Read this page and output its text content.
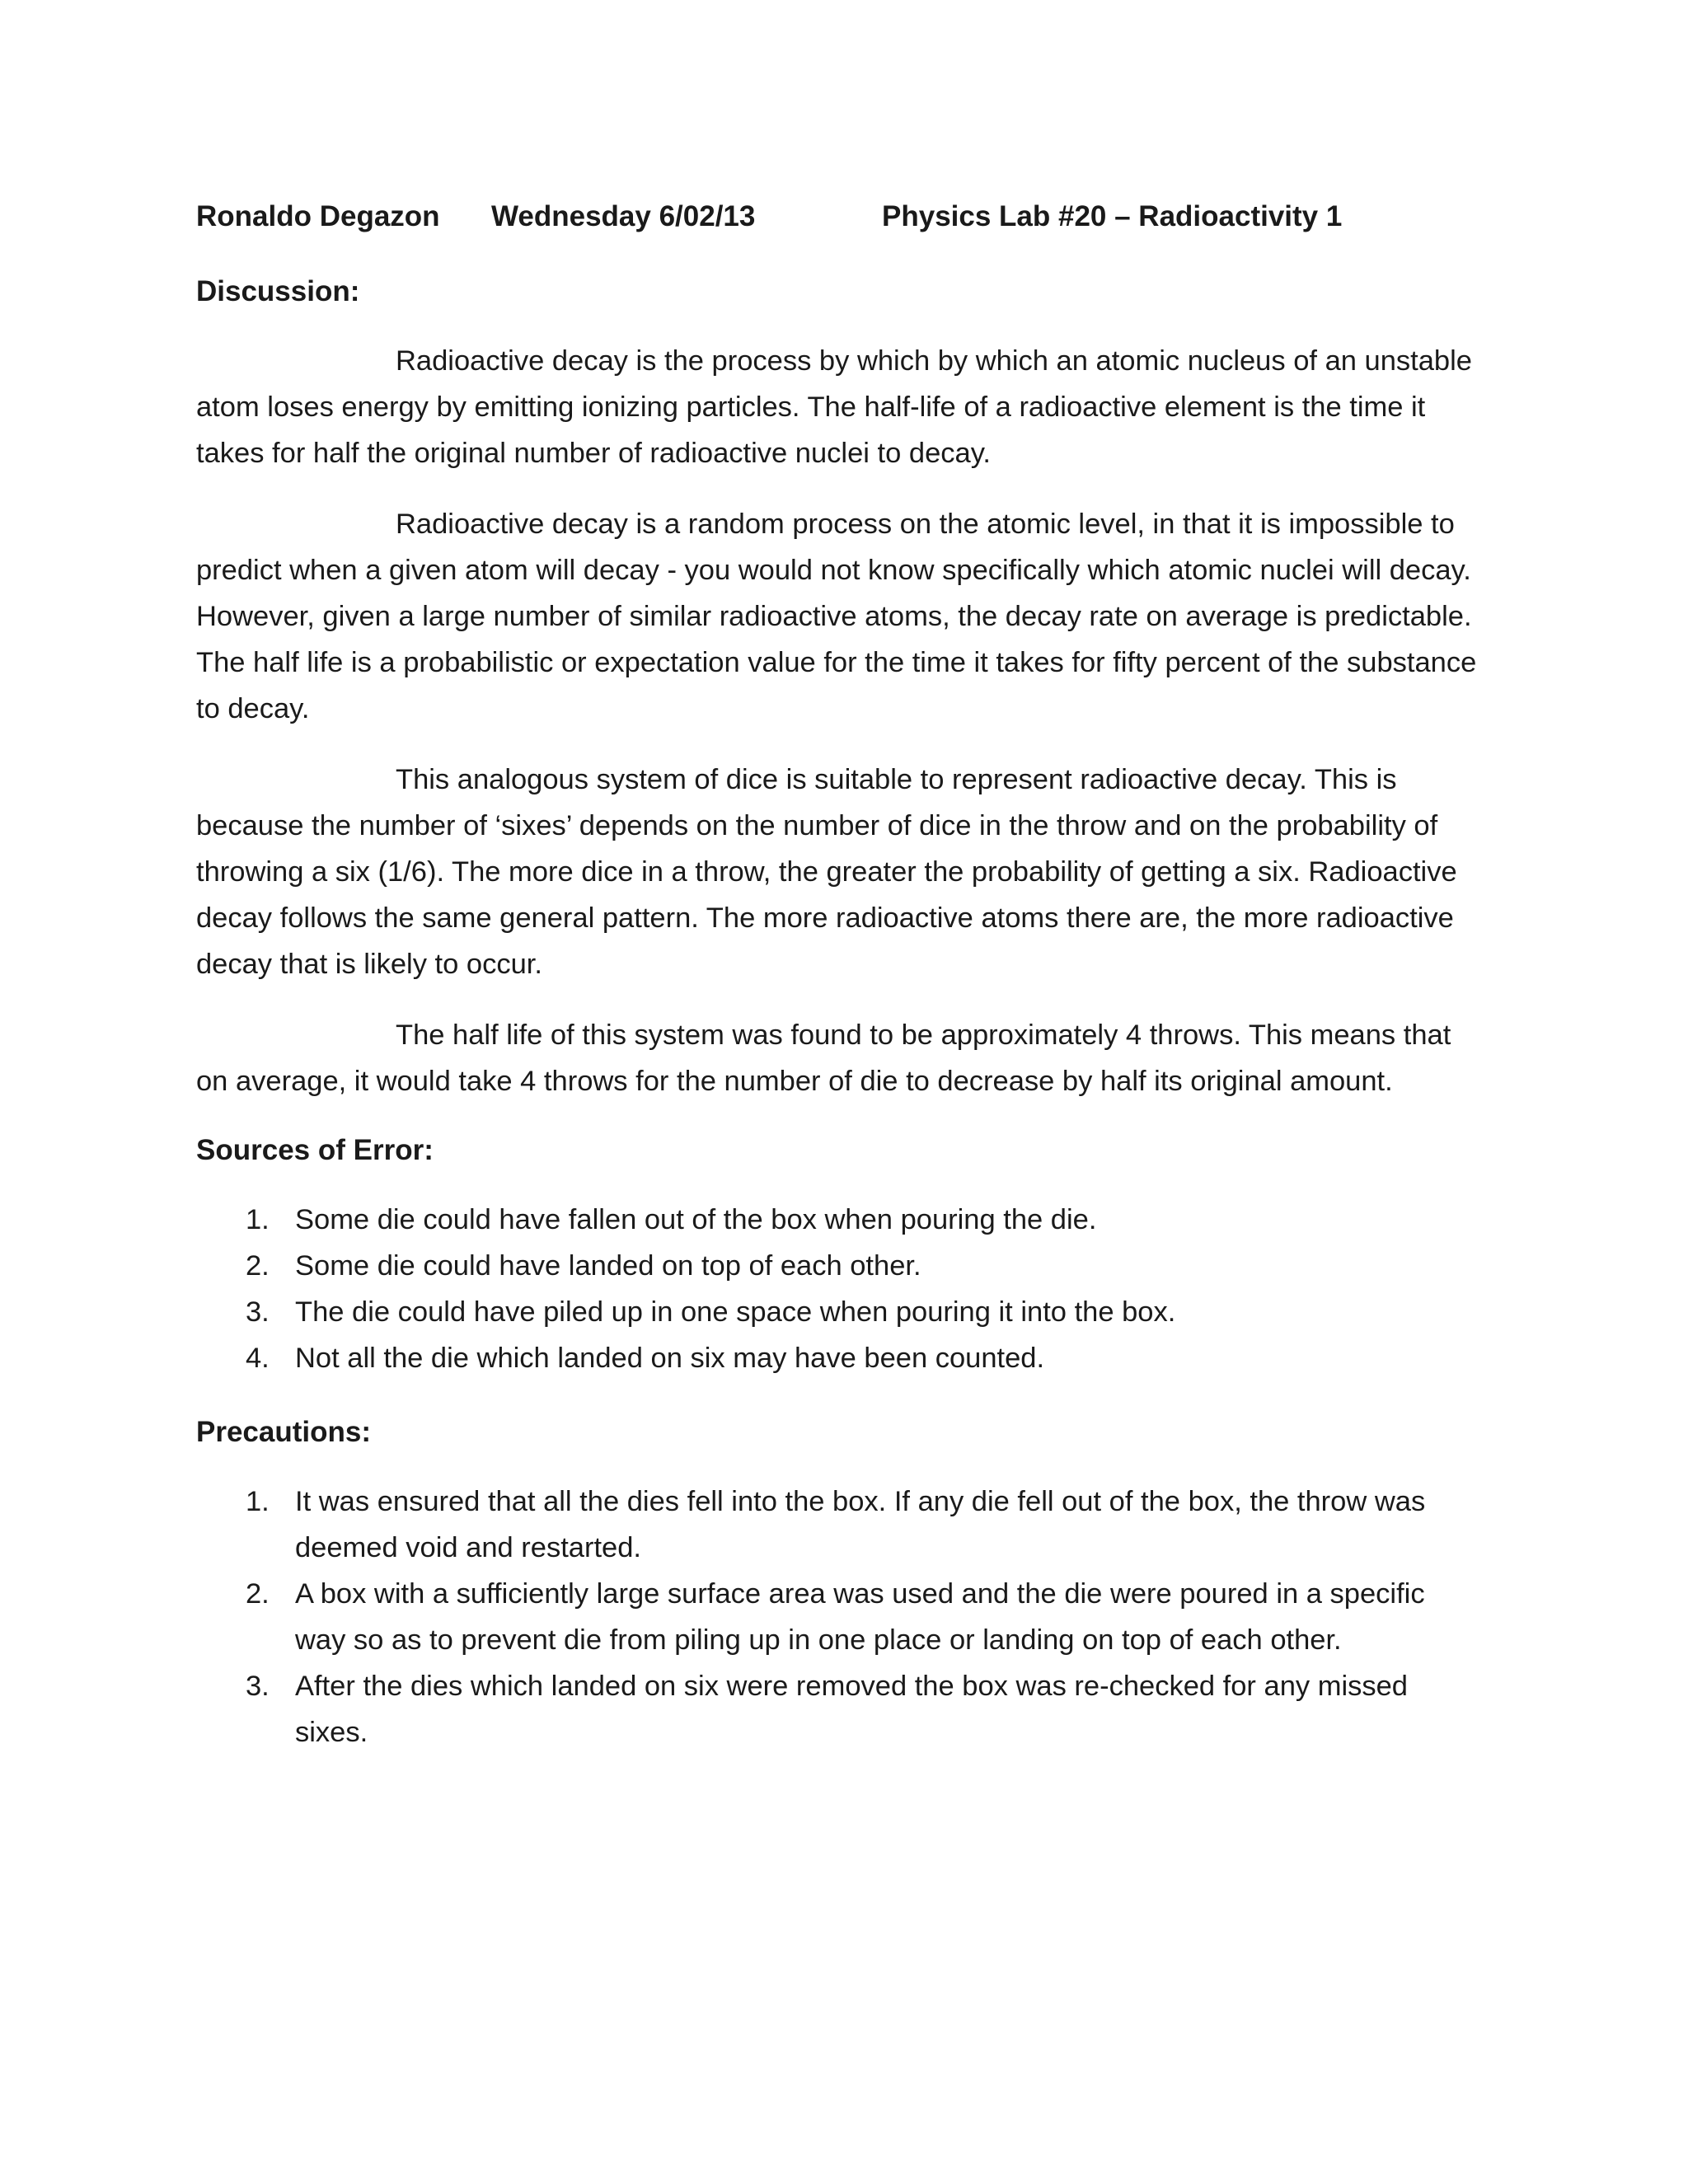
Ronaldo Degazon Wednesday 6/02/13	Physics Lab #20 – Radioactivity 1
Discussion:

Radioactive decay is the process by which by which an atomic nucleus of an unstable atom loses energy by emitting ionizing particles. The half-life of a radioactive element is the time it takes for half the original number of radioactive nuclei to decay.

Radioactive decay is a random process on the atomic level, in that it is impossible to predict when a given atom will decay - you would not know specifically which atomic nuclei will decay. However, given a large number of similar radioactive atoms, the decay rate on average is predictable. The half life is a probabilistic or expectation value for the time it takes for fifty percent of the substance to decay.

This analogous system of dice is suitable to represent radioactive decay. This is because the number of ‘sixes’ depends on the number of dice in the throw and on the probability of throwing a six (1/6). The more dice in a throw, the greater the probability of getting a six. Radioactive decay follows the same general pattern. The more radioactive atoms there are, the more radioactive decay that is likely to occur.

The half life of this system was found to be approximately 4 throws. This means that on average, it would take 4 throws for the number of die to decrease by half its original amount.

Sources of Error:
1. Some die could have fallen out of the box when pouring the die.
2. Some die could have landed on top of each other.
3. The die could have piled up in one space when pouring it into the box.
4. Not all the die which landed on six may have been counted.
Precautions:
1. It was ensured that all the dies fell into the box. If any die fell out of the box, the throw was deemed void and restarted.
2. A box with a sufficiently large surface area was used and the die were poured in a specific way so as to prevent die from piling up in one place or landing on top of each other.
3. After the dies which landed on six were removed the box was re-checked for any missed sixes.
